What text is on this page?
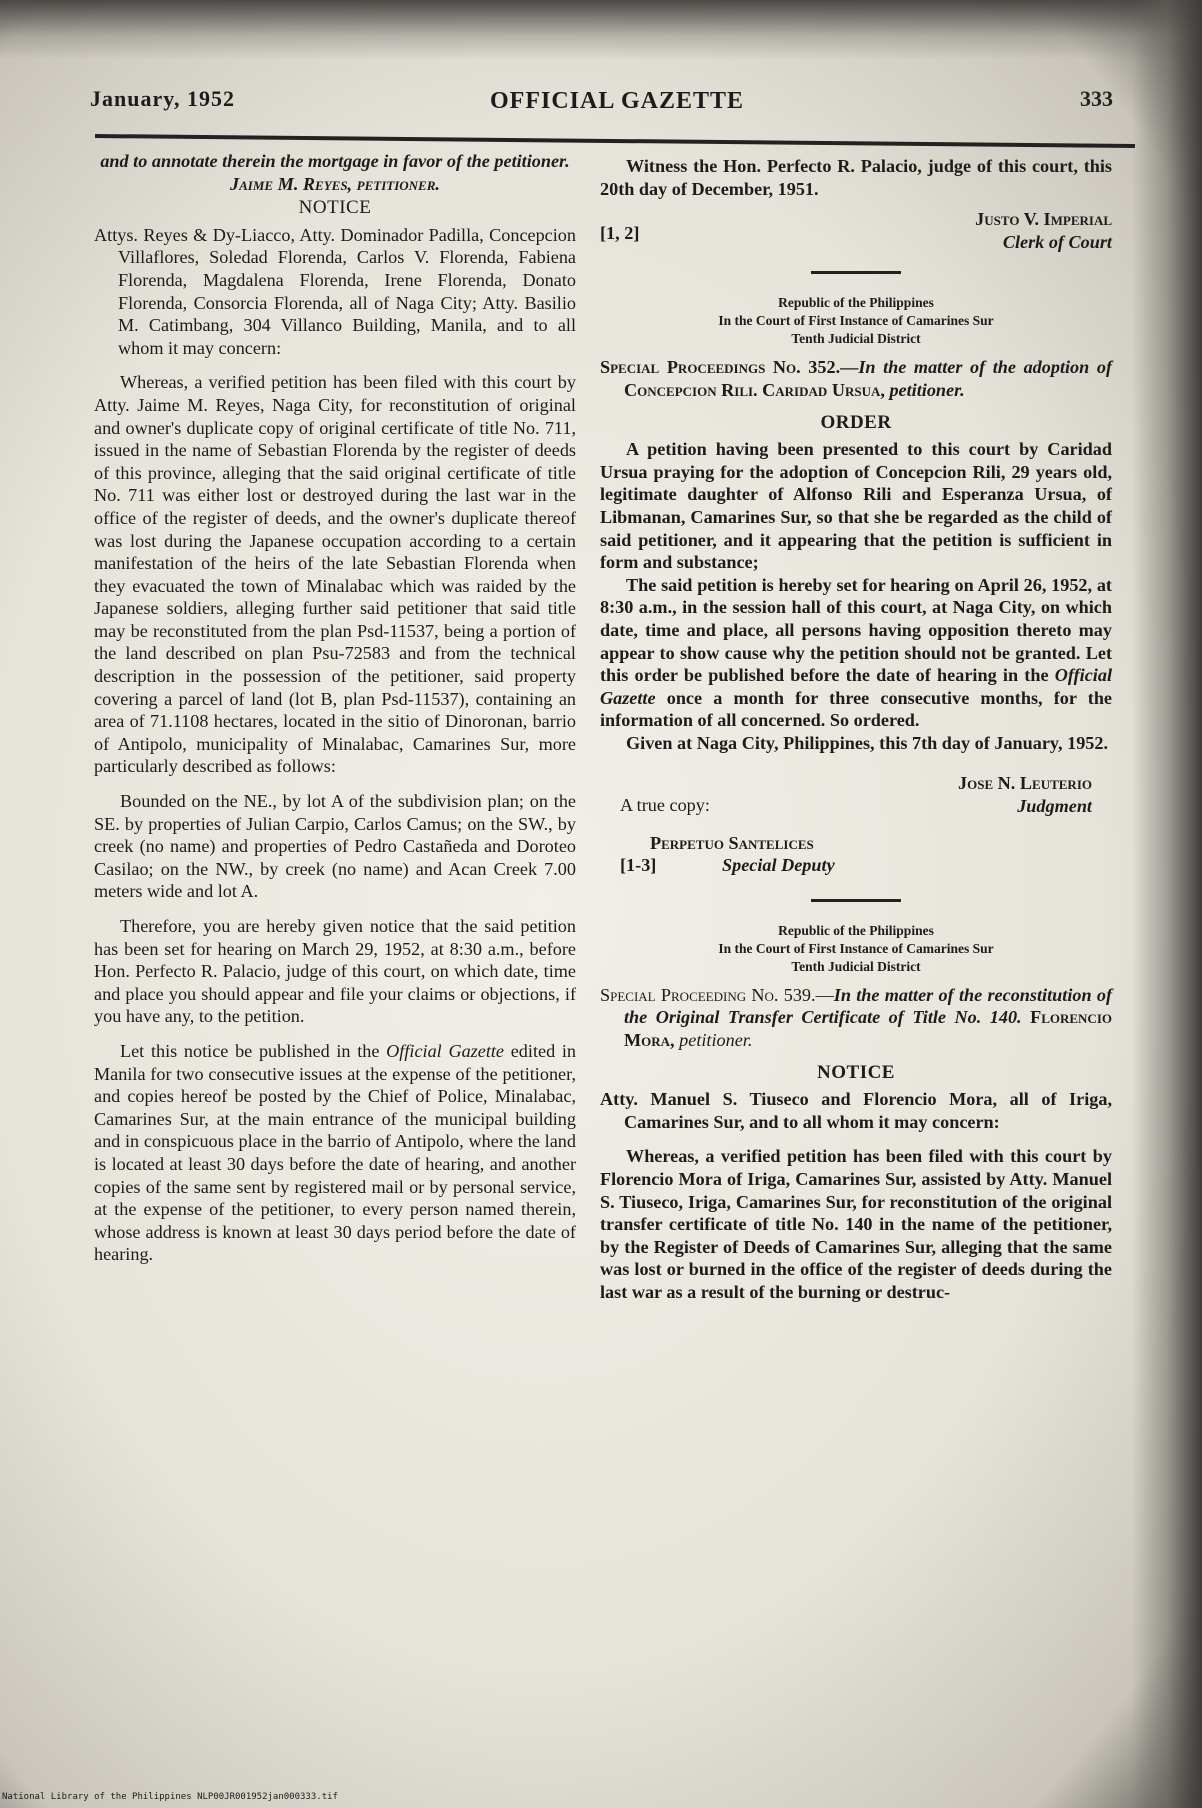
January, 1952	OFFICIAL GAZETTE	333

and to annotate therein the mortgage in favor of the petitioner. Jaime M. Reyes, petitioner.

NOTICE

Attys. Reyes & Dy-Liacco, Atty. Dominador Padilla, Concepcion Villaflores, Soledad Florenda, Carlos V. Florenda, Fabiena Florenda, Magdalena Florenda, Irene Florenda, Donato Florenda, Consorcia Florenda, all of Naga City; Atty. Basilio M. Catimbang, 304 Villanco Building, Manila, and to all whom it may concern:

Whereas, a verified petition has been filed with this court by Atty. Jaime M. Reyes, Naga City, for reconstitution of original and owner's duplicate copy of original certificate of title No. 711, issued in the name of Sebastian Florenda by the register of deeds of this province, alleging that the said original certificate of title No. 711 was either lost or destroyed during the last war in the office of the register of deeds, and the owner's duplicate thereof was lost during the Japanese occupation according to a certain manifestation of the heirs of the late Sebastian Florenda when they evacuated the town of Minalabac which was raided by the Japanese soldiers, alleging further said petitioner that said title may be reconstituted from the plan Psd-11537, being a portion of the land described on plan Psu-72583 and from the technical description in the possession of the petitioner, said property covering a parcel of land (lot B, plan Psd-11537), containing an area of 71.1108 hectares, located in the sitio of Dinoronan, barrio of Antipolo, municipality of Minalabac, Camarines Sur, more particularly described as follows:

Bounded on the NE., by lot A of the subdivision plan; on the SE. by properties of Julian Carpio, Carlos Camus; on the SW., by creek (no name) and properties of Pedro Castañeda and Doroteo Casilao; on the NW., by creek (no name) and Acan Creek 7.00 meters wide and lot A.

Therefore, you are hereby given notice that the said petition has been set for hearing on March 29, 1952, at 8:30 a.m., before Hon. Perfecto R. Palacio, judge of this court, on which date, time and place you should appear and file your claims or objections, if you have any, to the petition.

Let this notice be published in the Official Gazette edited in Manila for two consecutive issues at the expense of the petitioner, and copies hereof be posted by the Chief of Police, Minalabac, Camarines Sur, at the main entrance of the municipal building and in conspicuous place in the barrio of Antipolo, where the land is located at least 30 days before the date of hearing, and another copies of the same sent by registered mail or by personal service, at the expense of the petitioner, to every person named therein, whose address is known at least 30 days period before the date of hearing.

Witness the Hon. Perfecto R. Palacio, judge of this court, this 20th day of December, 1951.

[1, 2]
Justo V. Imperial
Clerk of Court
Republic of the Philippines
In the Court of First Instance of Camarines Sur
Tenth Judicial District

Special Proceedings No. 352.—In the matter of the adoption of Concepcion Rili. Caridad Ursua, petitioner.

ORDER

A petition having been presented to this court by Caridad Ursua praying for the adoption of Concepcion Rili, 29 years old, legitimate daughter of Alfonso Rili and Esperanza Ursua, of Libmanan, Camarines Sur, so that she be regarded as the child of said petitioner, and it appearing that the petition is sufficient in form and substance;

The said petition is hereby set for hearing on April 26, 1952, at 8:30 a.m., in the session hall of this court, at Naga City, on which date, time and place, all persons having opposition thereto may appear to show cause why the petition should not be granted. Let this order be published before the date of hearing in the Official Gazette once a month for three consecutive months, for the information of all concerned. So ordered.

Given at Naga City, Philippines, this 7th day of January, 1952.

A true copy:
Jose N. Leuterio
Judgment
Perpetuo Santelices
[1-3]	Special Deputy
Republic of the Philippines
In the Court of First Instance of Camarines Sur
Tenth Judicial District

Special Proceeding No. 539.—In the matter of the reconstitution of the Original Transfer Certificate of Title No. 140. Florencio Mora, petitioner.

NOTICE

Atty. Manuel S. Tiuseco and Florencio Mora, all of Iriga, Camarines Sur, and to all whom it may concern:

Whereas, a verified petition has been filed with this court by Florencio Mora of Iriga, Camarines Sur, assisted by Atty. Manuel S. Tiuseco, Iriga, Camarines Sur, for reconstitution of the original transfer certificate of title No. 140 in the name of the petitioner, by the Register of Deeds of Camarines Sur, alleging that the same was lost or burned in the office of the register of deeds during the last war as a result of the burning or destruc-

National Library of the Philippines NLP00JR001952jan000333.tif
